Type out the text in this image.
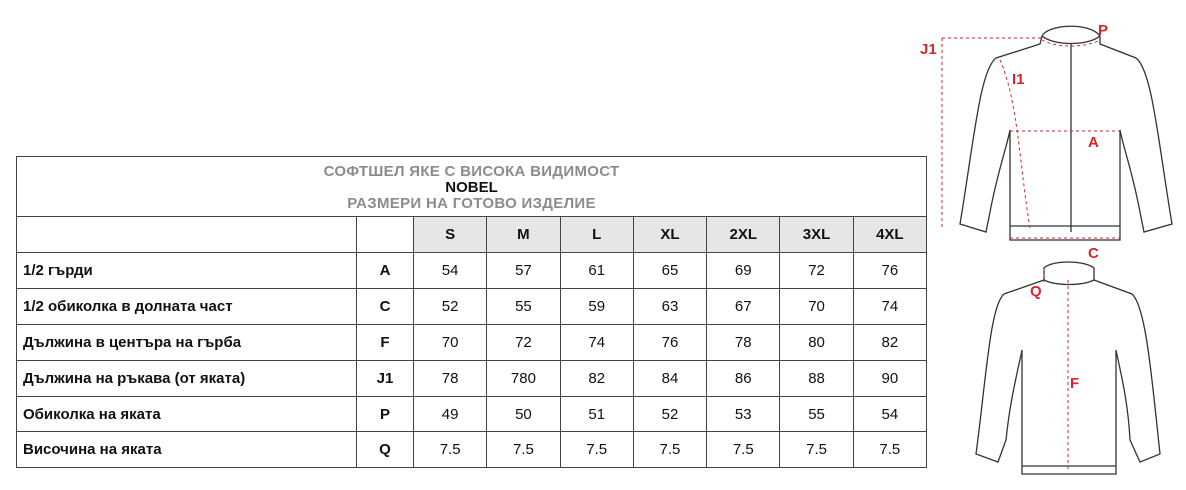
СОФТШЕЛ ЯКЕ С ВИСОКА ВИДИМОСТ
NOBEL
РАЗМЕРИ НА ГОТОВО ИЗДЕЛИЕ								

		S	M	L	XL	2XL	3XL	4XL
1/2 гърди	A	54	57	61	65	69	72	76
1/2 обиколка в долната част	C	52	55	59	63	67	70	74
Дължина в центъра на гърба	F	70	72	74	76	78	80	82
Дължина на ръкава (от яката)	J1	78	780	82	84	86	88	90
Обиколка на яката	P	49	50	51	52	53	55	54
Височина на яката	Q	7.5	7.5	7.5	7.5	7.5	7.5	7.5
J1
P
I1
A
C
Q
F
